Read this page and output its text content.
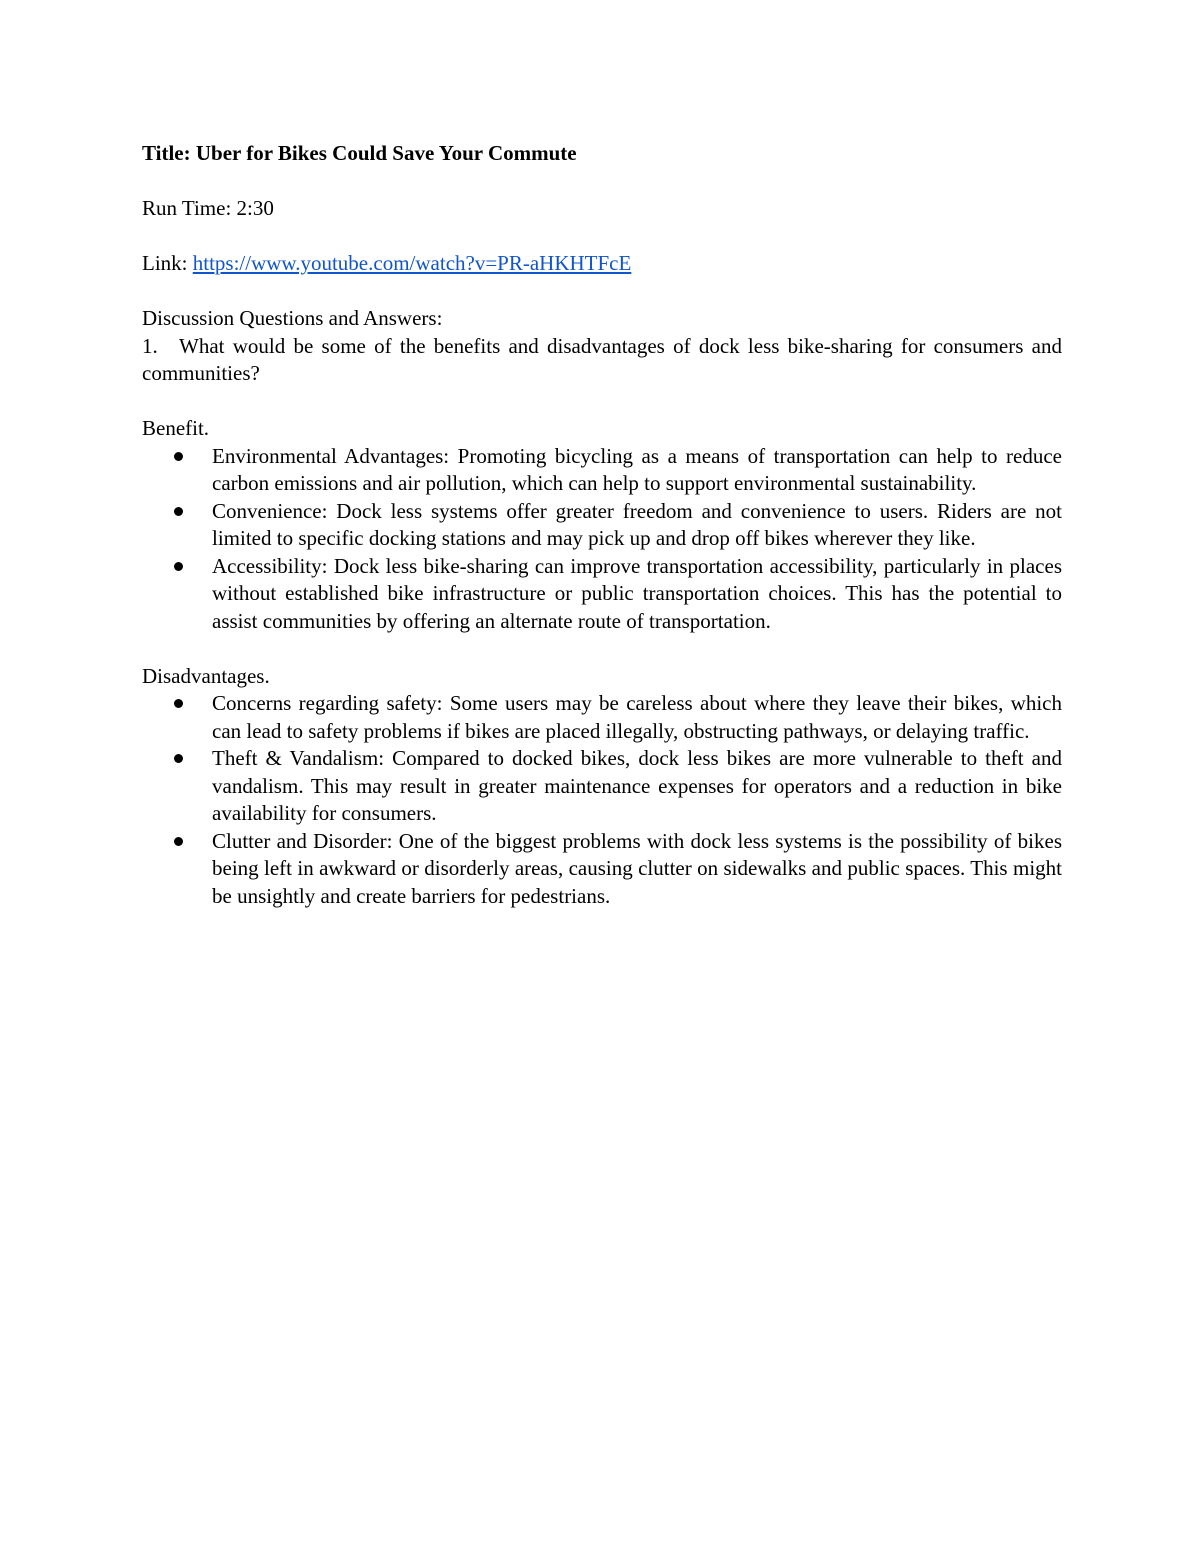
Title: Uber for Bikes Could Save Your Commute

Run Time: 2:30

Link: https://www.youtube.com/watch?v=PR-aHKHTFcE

Discussion Questions and Answers:

1. What would be some of the benefits and disadvantages of dock less bike-sharing for consumers and communities?

Benefit.

Environmental Advantages: Promoting bicycling as a means of transportation can help to reduce carbon emissions and air pollution, which can help to support environmental sustainability.
Convenience: Dock less systems offer greater freedom and convenience to users. Riders are not limited to specific docking stations and may pick up and drop off bikes wherever they like.
Accessibility: Dock less bike-sharing can improve transportation accessibility, particularly in places without established bike infrastructure or public transportation choices. This has the potential to assist communities by offering an alternate route of transportation.

Disadvantages.

Concerns regarding safety: Some users may be careless about where they leave their bikes, which can lead to safety problems if bikes are placed illegally, obstructing pathways, or delaying traffic.
Theft & Vandalism: Compared to docked bikes, dock less bikes are more vulnerable to theft and vandalism. This may result in greater maintenance expenses for operators and a reduction in bike availability for consumers.
Clutter and Disorder: One of the biggest problems with dock less systems is the possibility of bikes being left in awkward or disorderly areas, causing clutter on sidewalks and public spaces. This might be unsightly and create barriers for pedestrians.
